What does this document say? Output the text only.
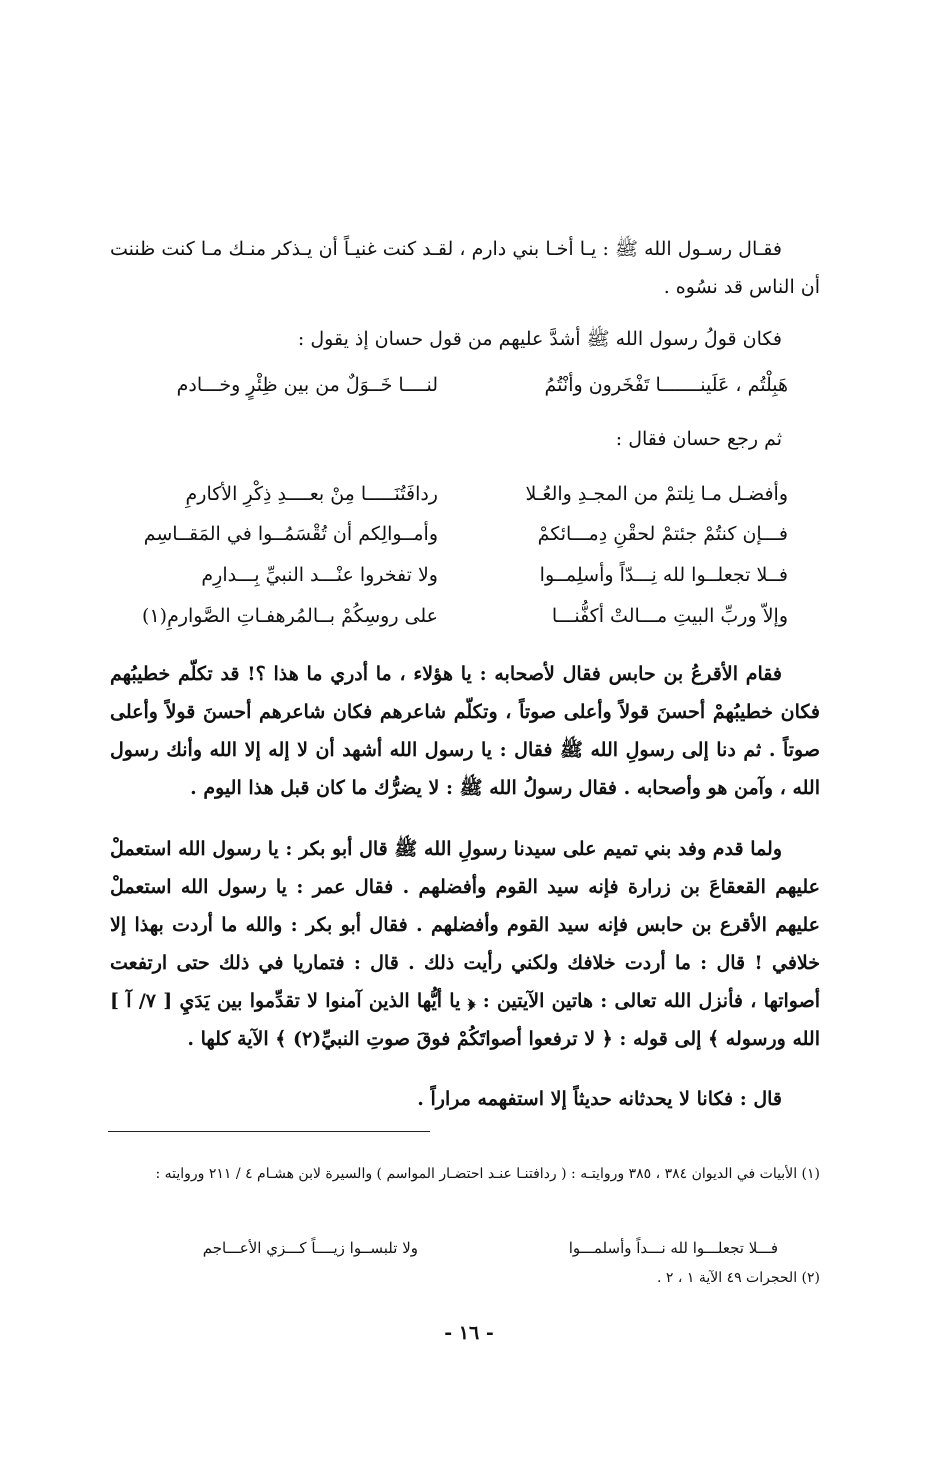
فقـال رسـول الله ﷺ : يـا أخـا بني دارم ، لقـد كنت غنيـاً أن يـذكر منـك مـا كنت ظننت أن الناس قد نسُوه .

فكان قولُ رسول الله ﷺ أشدَّ عليهم من قول حسان إذ يقول :

هَبِلْتُم ، عَلَينـــــــا تَفْخَرون وأنْتُمُ
لنــــا خَــوَلٌ من بين ظِئْرٍ وخـــادم

ثم رجع حسان فقال :

وأفضـل مـا نِلتمْ من المجـدِ والعُـلا
ردافَتُنَـــــا مِنْ بعــــدِ ذِكْرِ الأكارمِ
فـــإن كنتُمْ جئتمْ لحقْنِ دِمـــائكمْ
وأمــوالِكم أن تُقْسَمُــوا في المَقــاسِم
فــلا تجعلــوا لله نِـــدّاً وأسلِمــوا
ولا تفخروا عنْـــد النبيِّ بِـــدارِم
وإلاّ وربِّ البيتِ مـــالتْ أكفُّنـــا
على روسِكُمْ بــالمُرهفـاتِ الصَّوارمِ(١)

فقام الأقرعُ بن حابس فقال لأصحابه : يا هؤلاء ، ما أدري ما هذا ؟! قد تكلّم خطيبُهم فكان خطيبُهمْ أحسنَ قولاً وأعلى صوتاً ، وتكلّم شاعرهم فكان شاعرهم أحسنَ قولاً وأعلى صوتاً . ثم دنا إلى رسولِ الله ﷺ فقال : يا رسول الله أشهد أن لا إله إلا الله وأنك رسول الله ، وآمن هو وأصحابه . فقال رسولُ الله ﷺ : لا يضرُّك ما كان قبل هذا اليوم .

ولما قدم وفد بني تميم على سيدنا رسولِ الله ﷺ قال أبو بكر : يا رسول الله استعملْ عليهم القعقاعَ بن زرارة فإنه سيد القوم وأفضلهم . فقال عمر : يا رسول الله استعملْ عليهم الأقرع بن حابس فإنه سيد القوم وأفضلهم . فقال أبو بكر : والله ما أردت بهذا إلا خلافي ! قال : ما أردت خلافك ولكني رأيت ذلك . قال : فتماريا في ذلك حتى ارتفعت أصواتها ، فأنزل الله تعالى : هاتين الآيتين : ﴿ يا أيُّها الذين آمنوا لا تقدِّموا بين يَدَيِ [ ٧/ آ ] الله ورسوله ﴾ إلى قوله : ﴿ لا ترفعوا أصواتَكُمْ فوقَ صوتِ النبيِّ(٢) ﴾ الآية كلها .

قال : فكانا لا يحدثانه حديثاً إلا استفهمه مراراً .

(١) الأبيات في الديوان ٣٨٤ ، ٣٨٥ وروايتـه : ( ردافتنـا عنـد احتضـار المواسم ) والسيرة لابن هشـام ٤ / ٢١١ وروايته :

فـــلا تجعلـــوا لله نـــداً وأسلمـــوا
ولا تلبســوا زيــــاً كـــزي الأعـــاجم

(٢) الحجرات ٤٩ الآية ١ ، ٢ .

- ١٦ -
